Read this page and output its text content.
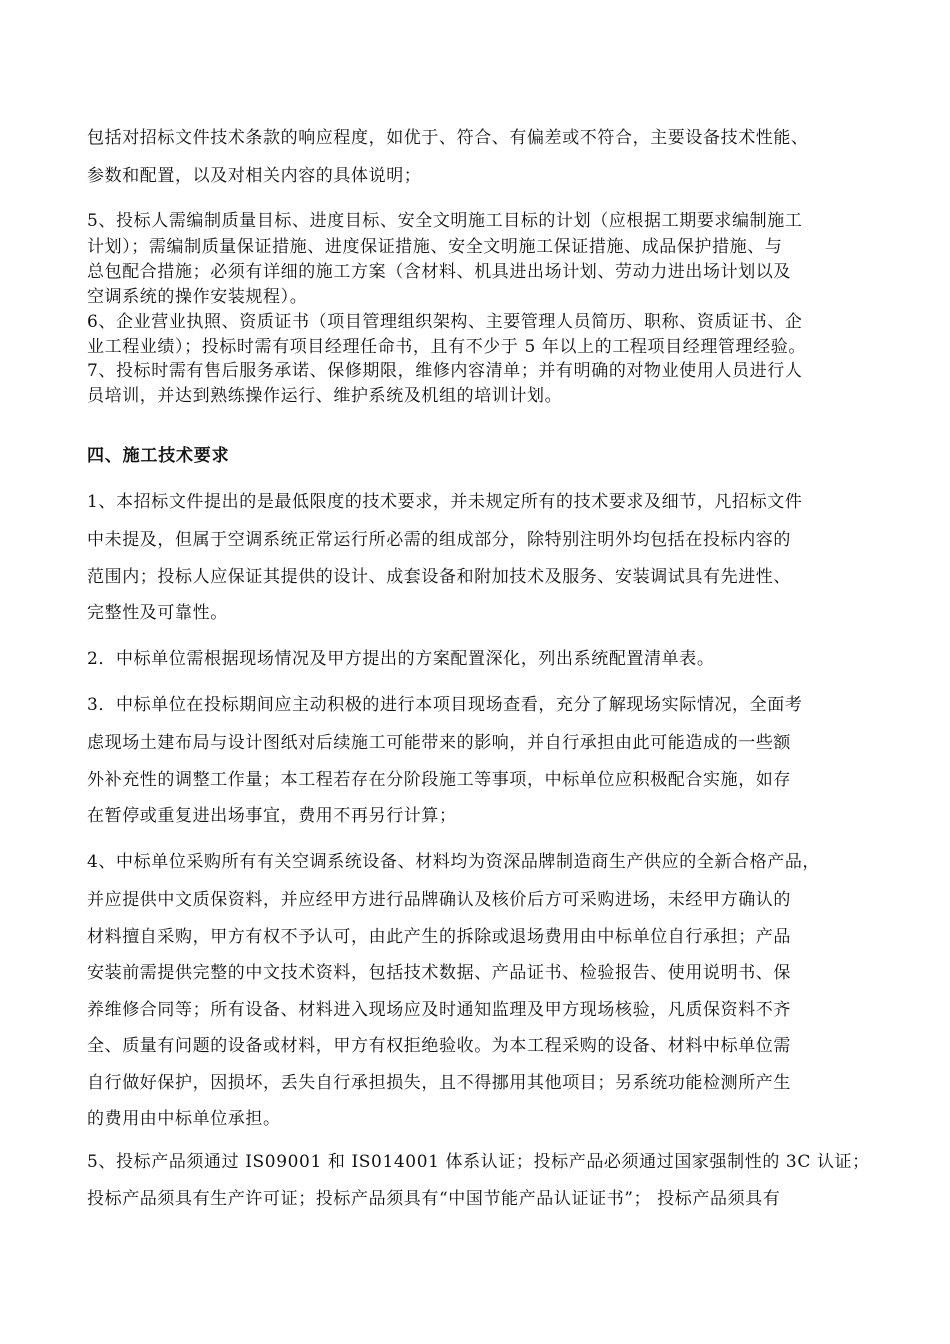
包括对招标文件技术条款的响应程度，如优于、符合、有偏差或不符合，主要设备技术性能、
参数和配置，以及对相关内容的具体说明；
5、投标人需编制质量目标、进度目标、安全文明施工目标的计划（应根据工期要求编制施工
计划）；需编制质量保证措施、进度保证措施、安全文明施工保证措施、成品保护措施、与
总包配合措施；必须有详细的施工方案（含材料、机具进出场计划、劳动力进出场计划以及
空调系统的操作安装规程）。
6、企业营业执照、资质证书（项目管理组织架构、主要管理人员简历、职称、资质证书、企
业工程业绩）；投标时需有项目经理任命书，且有不少于 5 年以上的工程项目经理管理经验。
7、投标时需有售后服务承诺、保修期限，维修内容清单；并有明确的对物业使用人员进行人
员培训，并达到熟练操作运行、维护系统及机组的培训计划。
四、施工技术要求
1、本招标文件提出的是最低限度的技术要求，并未规定所有的技术要求及细节，凡招标文件
中未提及，但属于空调系统正常运行所必需的组成部分，除特别注明外均包括在投标内容的
范围内；投标人应保证其提供的设计、成套设备和附加技术及服务、安装调试具有先进性、
完整性及可靠性。
2．中标单位需根据现场情况及甲方提出的方案配置深化，列出系统配置清单表。
3．中标单位在投标期间应主动积极的进行本项目现场查看，充分了解现场实际情况，全面考
虑现场土建布局与设计图纸对后续施工可能带来的影响，并自行承担由此可能造成的一些额
外补充性的调整工作量；本工程若存在分阶段施工等事项，中标单位应积极配合实施，如存
在暂停或重复进出场事宜，费用不再另行计算；
4、中标单位采购所有有关空调系统设备、材料均为资深品牌制造商生产供应的全新合格产品，
并应提供中文质保资料，并应经甲方进行品牌确认及核价后方可采购进场，未经甲方确认的
材料擅自采购，甲方有权不予认可，由此产生的拆除或退场费用由中标单位自行承担；产品
安装前需提供完整的中文技术资料，包括技术数据、产品证书、检验报告、使用说明书、保
养维修合同等；所有设备、材料进入现场应及时通知监理及甲方现场核验，凡质保资料不齐
全、质量有问题的设备或材料，甲方有权拒绝验收。为本工程采购的设备、材料中标单位需
自行做好保护，因损坏，丢失自行承担损失，且不得挪用其他项目；另系统功能检测所产生
的费用由中标单位承担。
5、投标产品须通过 IS09001 和 IS014001 体系认证；投标产品必须通过国家强制性的 3C 认证；
投标产品须具有生产许可证；投标产品须具有“中国节能产品认证证书”； 投标产品须具有
